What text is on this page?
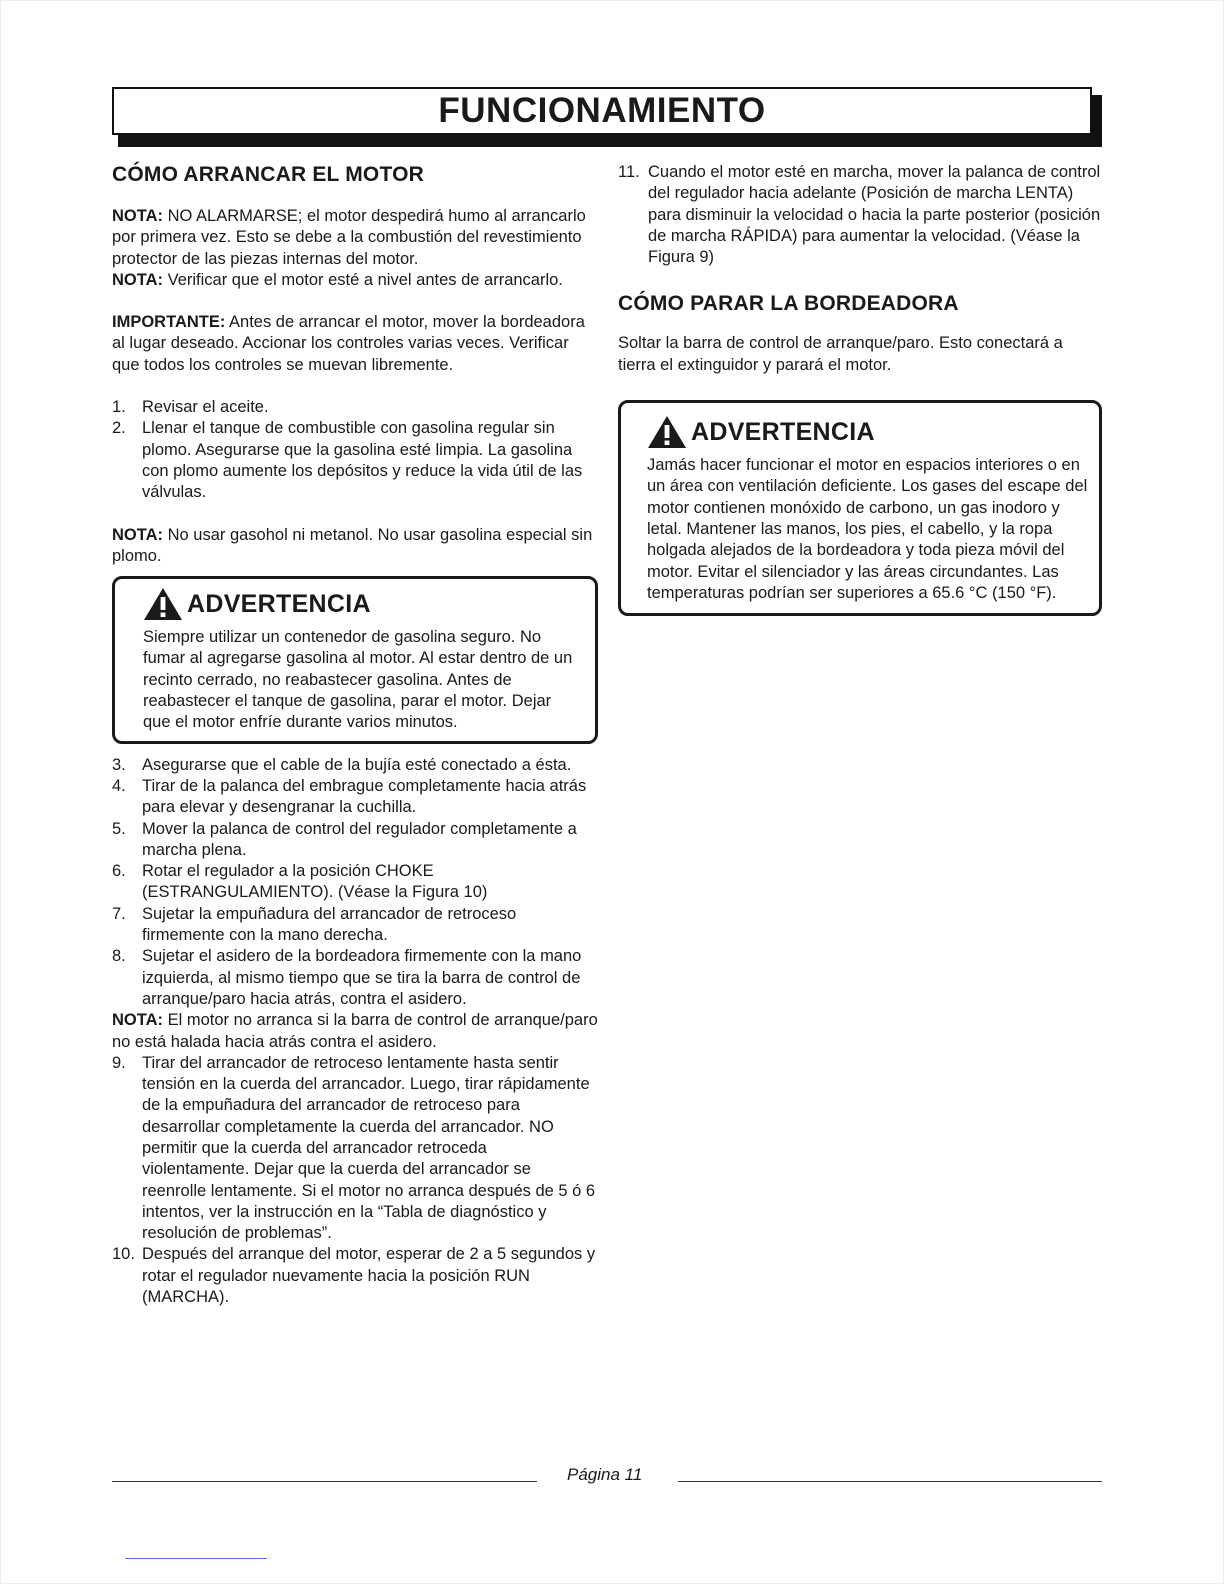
FUNCIONAMIENTO
CÓMO ARRANCAR EL MOTOR

NOTA: NO ALARMARSE; el motor despedirá humo al arrancarlo por primera vez. Esto se debe a la combustión del revestimiento protector de las piezas internas del motor.

NOTA: Verificar que el motor esté a nivel antes de arrancarlo.

IMPORTANTE: Antes de arrancar el motor, mover la bordeadora al lugar deseado. Accionar los controles varias veces. Verificar que todos los controles se muevan libremente.

1. Revisar el aceite.
2. Llenar el tanque de combustible con gasolina regular sin plomo. Asegurarse que la gasolina esté limpia. La gasolina con plomo aumente los depósitos y reduce la vida útil de las válvulas.

NOTA: No usar gasohol ni metanol. No usar gasolina especial sin plomo.

ADVERTENCIA

Siempre utilizar un contenedor de gasolina seguro. No fumar al agregarse gasolina al motor. Al estar dentro de un recinto cerrado, no reabastecer gasolina. Antes de reabastecer el tanque de gasolina, parar el motor. Dejar que el motor enfríe durante varios minutos.

3. Asegurarse que el cable de la bujía esté conectado a ésta.
4. Tirar de la palanca del embrague completamente hacia atrás para elevar y desengranar la cuchilla.
5. Mover la palanca de control del regulador completamente a marcha plena.
6. Rotar el regulador a la posición CHOKE (ESTRANGULAMIENTO). (Véase la Figura 10)
7. Sujetar la empuñadura del arrancador de retroceso firmemente con la mano derecha.
8. Sujetar el asidero de la bordeadora firmemente con la mano izquierda, al mismo tiempo que se tira la barra de control de arranque/paro hacia atrás, contra el asidero.

NOTA: El motor no arranca si la barra de control de arranque/paro no está halada hacia atrás contra el asidero.

9. Tirar del arrancador de retroceso lentamente hasta sentir tensión en la cuerda del arrancador. Luego, tirar rápidamente de la empuñadura del arrancador de retroceso para desarrollar completamente la cuerda del arrancador. NO permitir que la cuerda del arrancador retroceda violentamente. Dejar que la cuerda del arrancador se reenrolle lentamente. Si el motor no arranca después de 5 ó 6 intentos, ver la instrucción en la “Tabla de diagnóstico y resolución de problemas”.
10. Después del arranque del motor, esperar de 2 a 5 segundos y rotar el regulador nuevamente hacia la posición RUN (MARCHA).
11. Cuando el motor esté en marcha, mover la palanca de control del regulador hacia adelante (Posición de marcha LENTA) para disminuir la velocidad o hacia la parte posterior (posición de marcha RÁPIDA) para aumentar la velocidad. (Véase la Figura 9)
CÓMO PARAR LA BORDEADORA

Soltar la barra de control de arranque/paro. Esto conectará a tierra el extinguidor y parará el motor.

ADVERTENCIA

Jamás hacer funcionar el motor en espacios interiores o en un área con ventilación deficiente. Los gases del escape del motor contienen monóxido de carbono, un gas inodoro y letal. Mantener las manos, los pies, el cabello, y la ropa holgada alejados de la bordeadora y toda pieza móvil del motor. Evitar el silenciador y las áreas circundantes. Las temperaturas podrían ser superiores a 65.6 °C (150 °F).

Página 11
